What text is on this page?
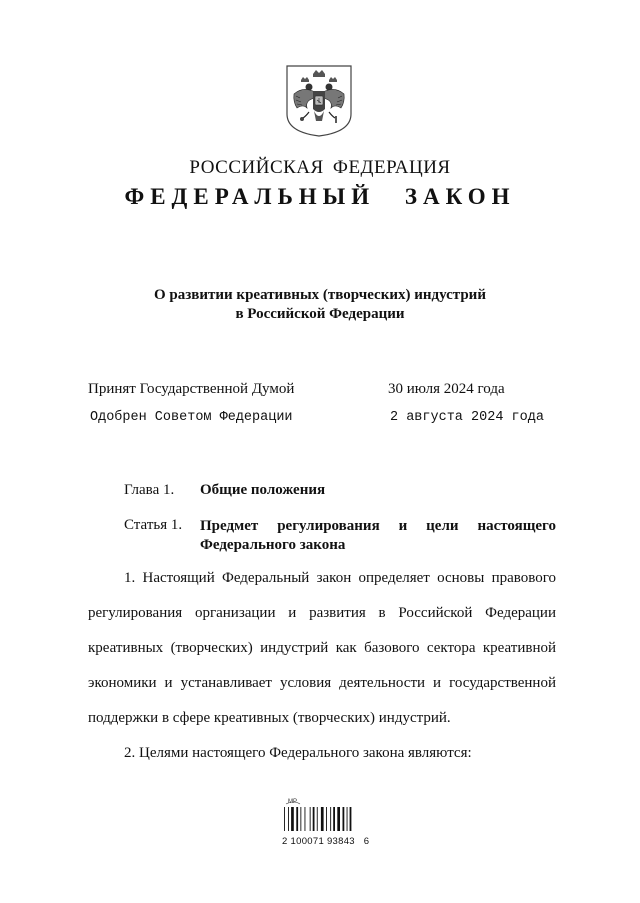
РОССИЙСКАЯ ФЕДЕРАЦИЯ
ФЕДЕРАЛЬНЫЙ ЗАКОН
О развитии креативных (творческих) индустрий
в Российской Федерации
Принят Государственной Думой	30 июля 2024 года
Одобрен Советом Федерации	2 августа 2024 года
Глава 1. Общие положения
Статья 1. Предмет регулирования и цели настоящего
Федерального закона

1. Настоящий Федеральный закон определяет основы правового регулирования организации и развития в Российской Федерации креативных (творческих) индустрий как базового сектора креативной экономики и устанавливает условия деятельности и государственной поддержки в сфере креативных (творческих) индустрий.

2. Целями настоящего Федерального закона являются:

MP
2 100071 93843   6
